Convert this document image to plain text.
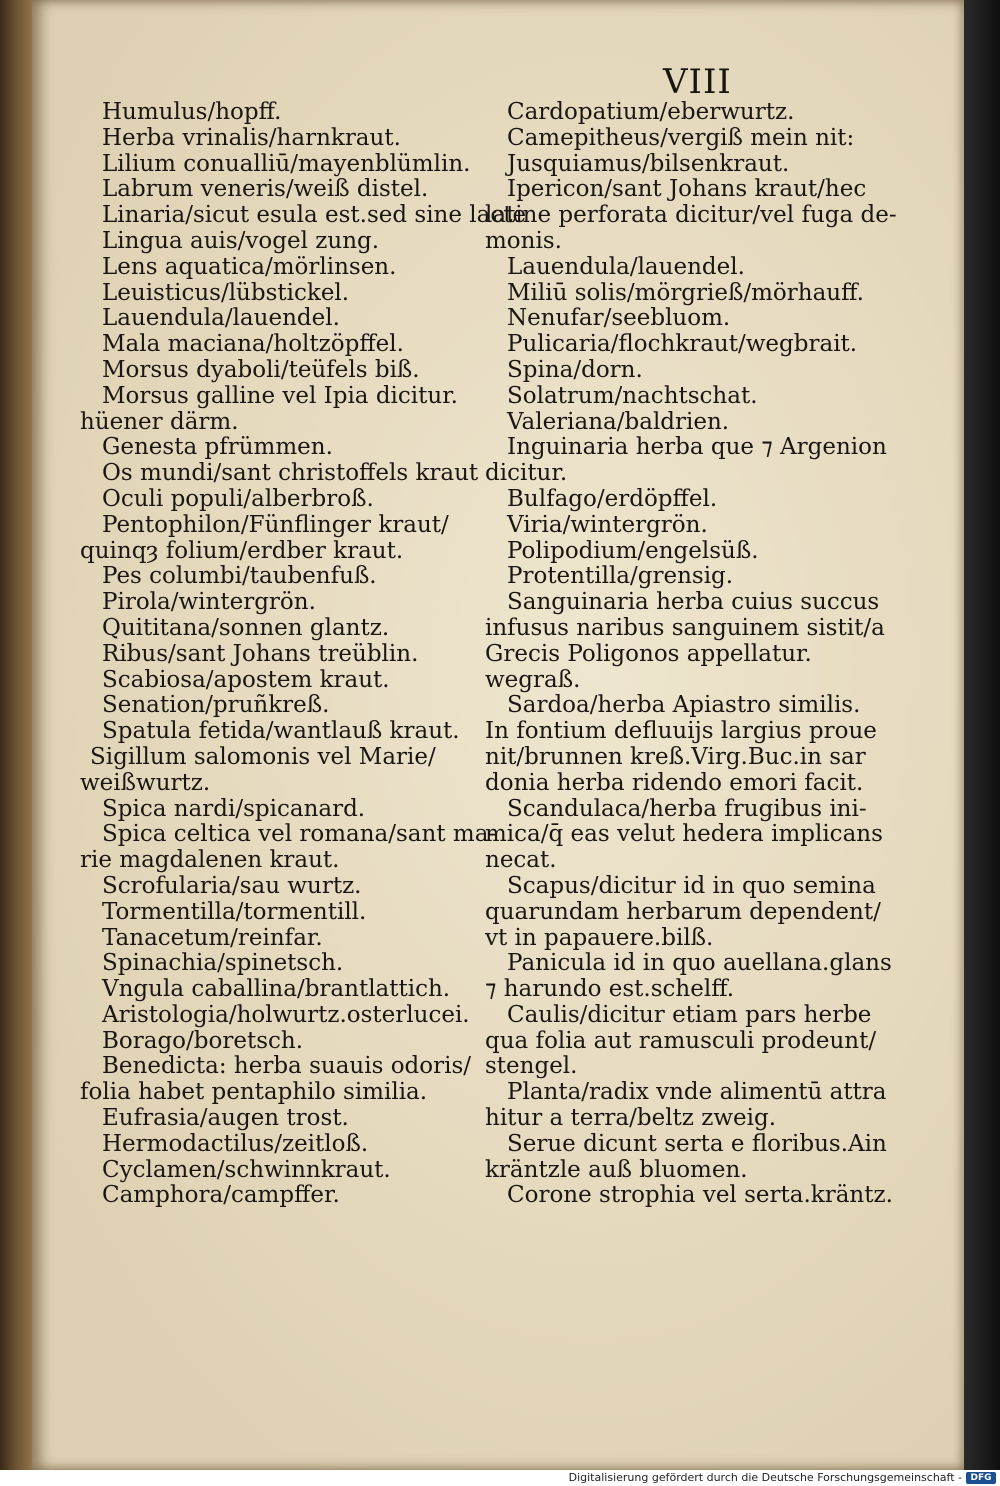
VIII
Humulus/hopff.
Herba vrinalis/harnkraut.
Lilium conualliū/mayenblümlin.
Labrum veneris/weiß distel.
Linaria/sicut esula est.sed sine lacte
Lingua auis/vogel zung.
Lens aquatica/mörlinsen.
Leuisticus/lübstickel.
Lauendula/lauendel.
Mala maciana/holtzöpffel.
Morsus dyaboli/teüfels biß.
Morsus galline vel Ipia dicitur.
hüener därm.
Genesta pfrümmen.
Os mundi/sant christoffels kraut
Oculi populi/alberbroß.
Pentophilon/Fünflinger kraut/
quinqȝ folium/erdber kraut.
Pes columbi/taubenfuß.
Pirola/wintergrön.
Quititana/sonnen glantz.
Ribus/sant Johans treüblin.
Scabiosa/apostem kraut.
Senation/pruñkreß.
Spatula fetida/wantlauß kraut.
Sigillum salomonis vel Marie/
weißwurtz.
Spica nardi/spicanard.
Spica celtica vel romana/sant ma-
rie magdalenen kraut.
Scrofularia/sau wurtz.
Tormentilla/tormentill.
Tanacetum/reinfar.
Spinachia/spinetsch.
Vngula caballina/brantlattich.
Aristologia/holwurtz.osterlucei.
Borago/boretsch.
Benedicta: herba suauis odoris/
folia habet pentaphilo similia.
Eufrasia/augen trost.
Hermodactilus/zeitloß.
Cyclamen/schwinnkraut.
Camphora/campffer.
Cardopatium/eberwurtz.
Camepitheus/vergiß mein nit:
Jusquiamus/bilsenkraut.
Ipericon/sant Johans kraut/hec
latine perforata dicitur/vel fuga de-
monis.
Lauendula/lauendel.
Miliū solis/mörgrieß/mörhauff.
Nenufar/seebluom.
Pulicaria/flochkraut/wegbrait.
Spina/dorn.
Solatrum/nachtschat.
Valeriana/baldrien.
Inguinaria herba que ⁊ Argenion
dicitur.
Bulfago/erdöpffel.
Viria/wintergrön.
Polipodium/engelsüß.
Protentilla/grensig.
Sanguinaria herba cuius succus
infusus naribus sanguinem sistit/a
Grecis Poligonos appellatur.
wegraß.
Sardoa/herba Apiastro similis.
In fontium defluuijs largius proue
nit/brunnen kreß.Virg.Buc.in sar
donia herba ridendo emori facit.
Scandulaca/herba frugibus ini-
mica/q̄ eas velut hedera implicans
necat.
Scapus/dicitur id in quo semina
quarundam herbarum dependent/
vt in papauere.bilß.
Panicula id in quo auellana.glans
⁊ harundo est.schelff.
Caulis/dicitur etiam pars herbe
qua folia aut ramusculi prodeunt/
stengel.
Planta/radix vnde alimentū attra
hitur a terra/beltz zweig.
Serue dicunt serta e floribus.Ain
kräntzle auß bluomen.
Corone strophia vel serta.kräntz.
Digitalisierung gefördert durch die Deutsche Forschungsgemeinschaft - DFG
